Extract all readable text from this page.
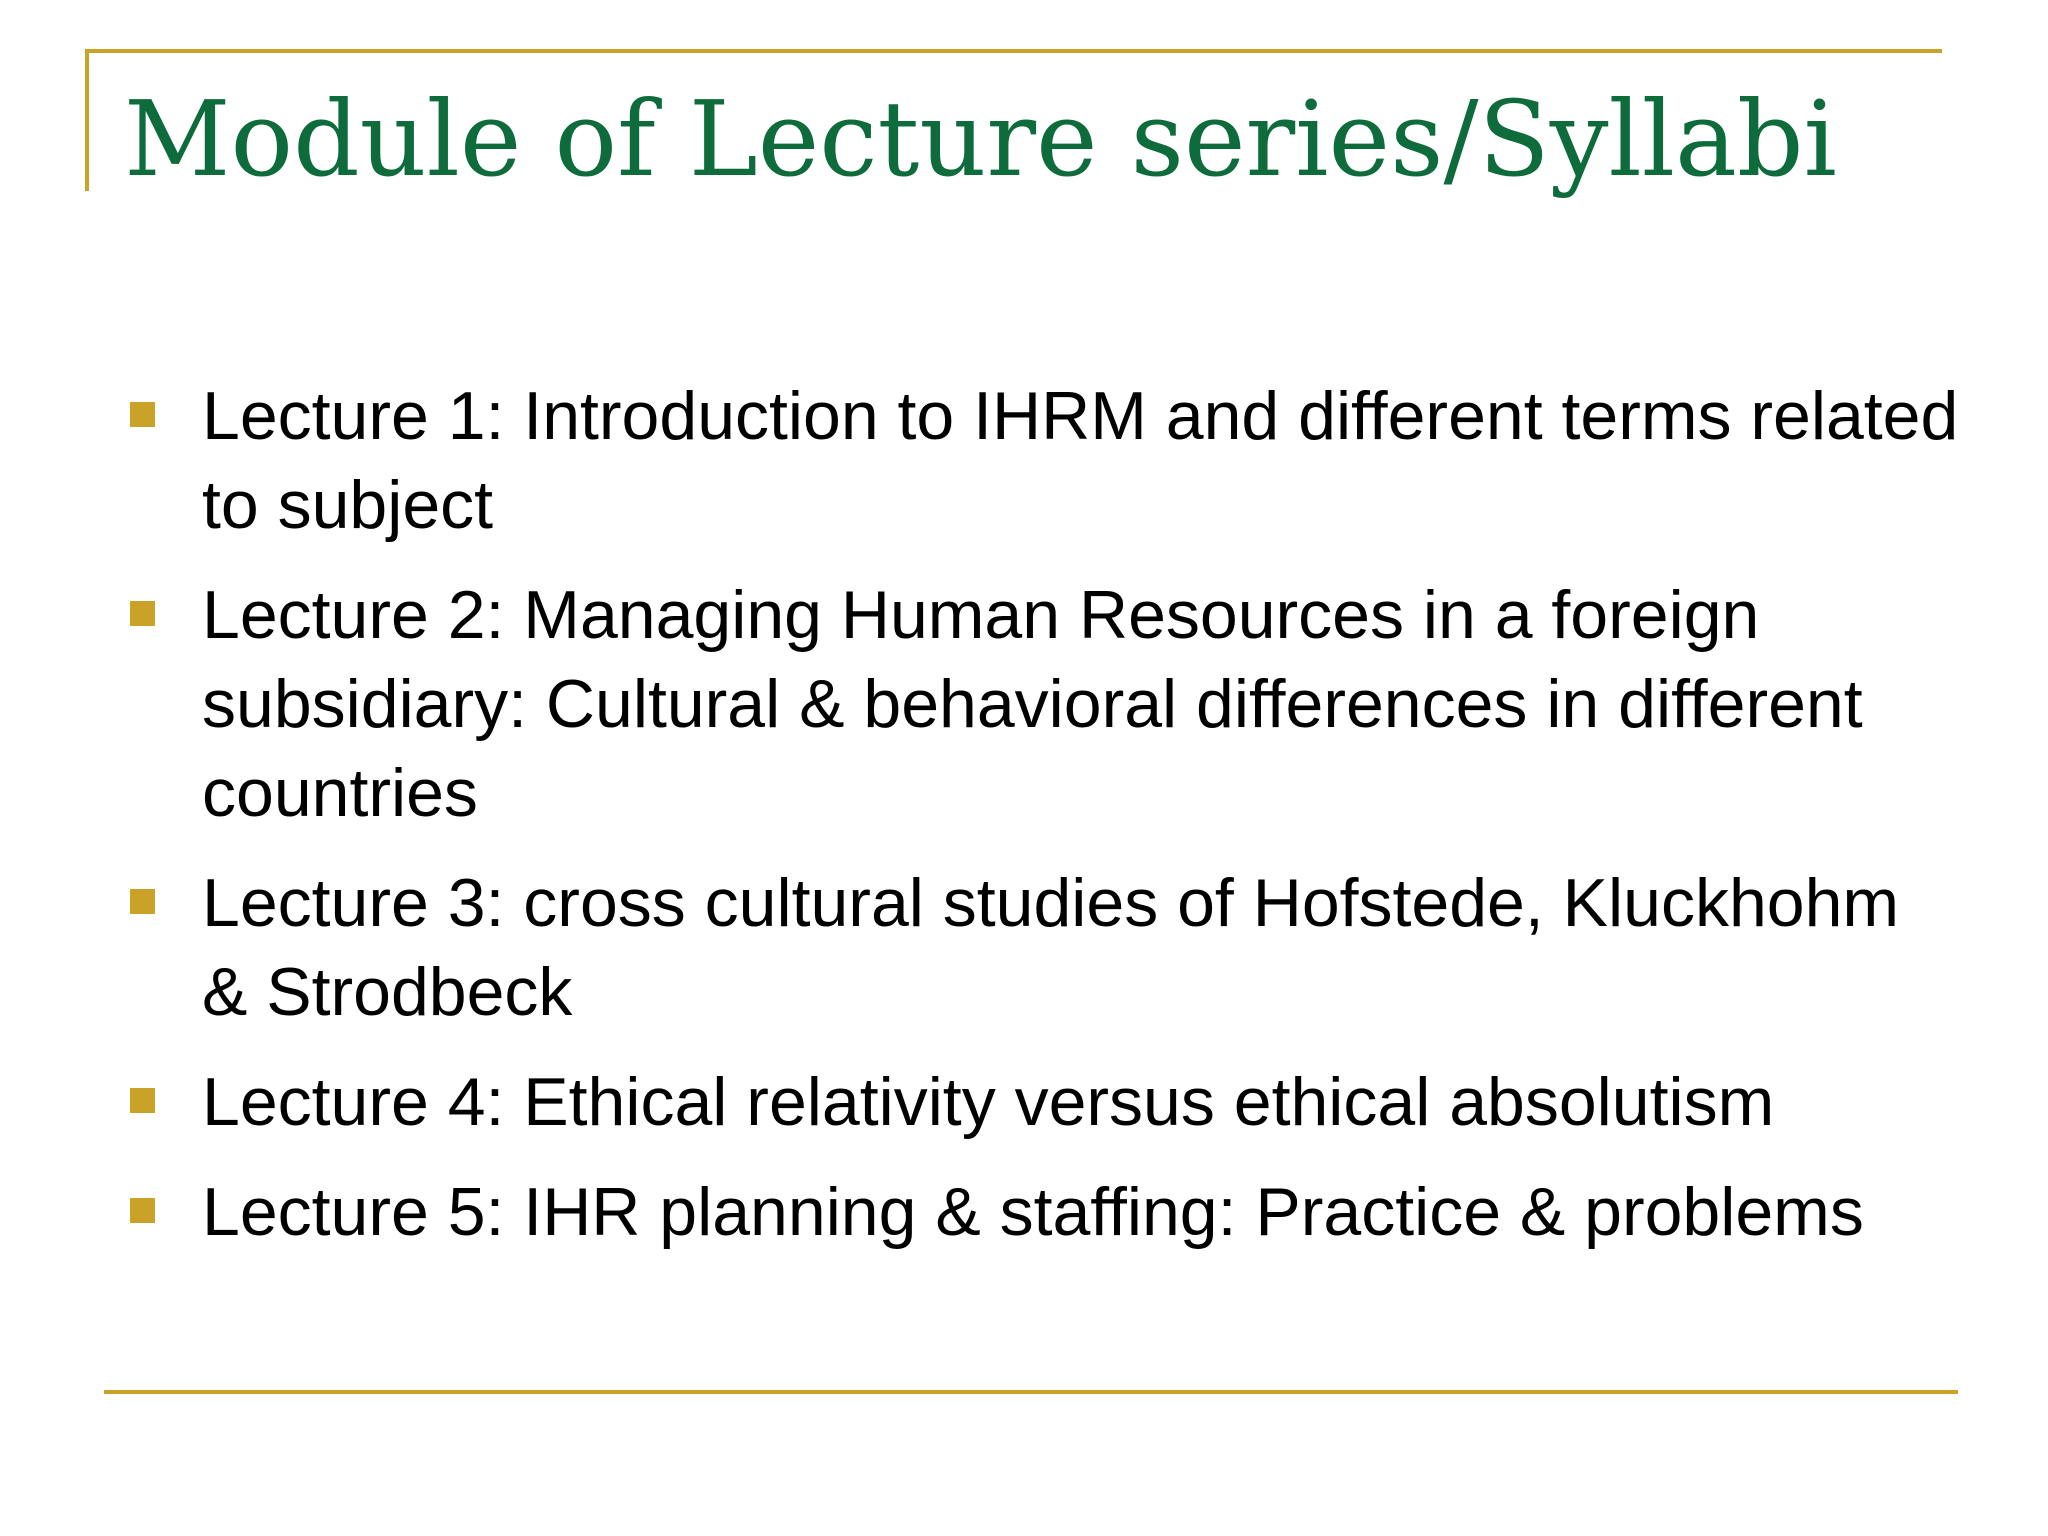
Module of Lecture series/Syllabi
Lecture 1: Introduction to IHRM and different terms related to subject
Lecture 2: Managing Human Resources in a foreign subsidiary: Cultural & behavioral differences in different countries
Lecture 3: cross cultural studies of Hofstede, Kluckhohm & Strodbeck
Lecture 4: Ethical relativity versus ethical absolutism
Lecture 5: IHR planning & staffing: Practice & problems
